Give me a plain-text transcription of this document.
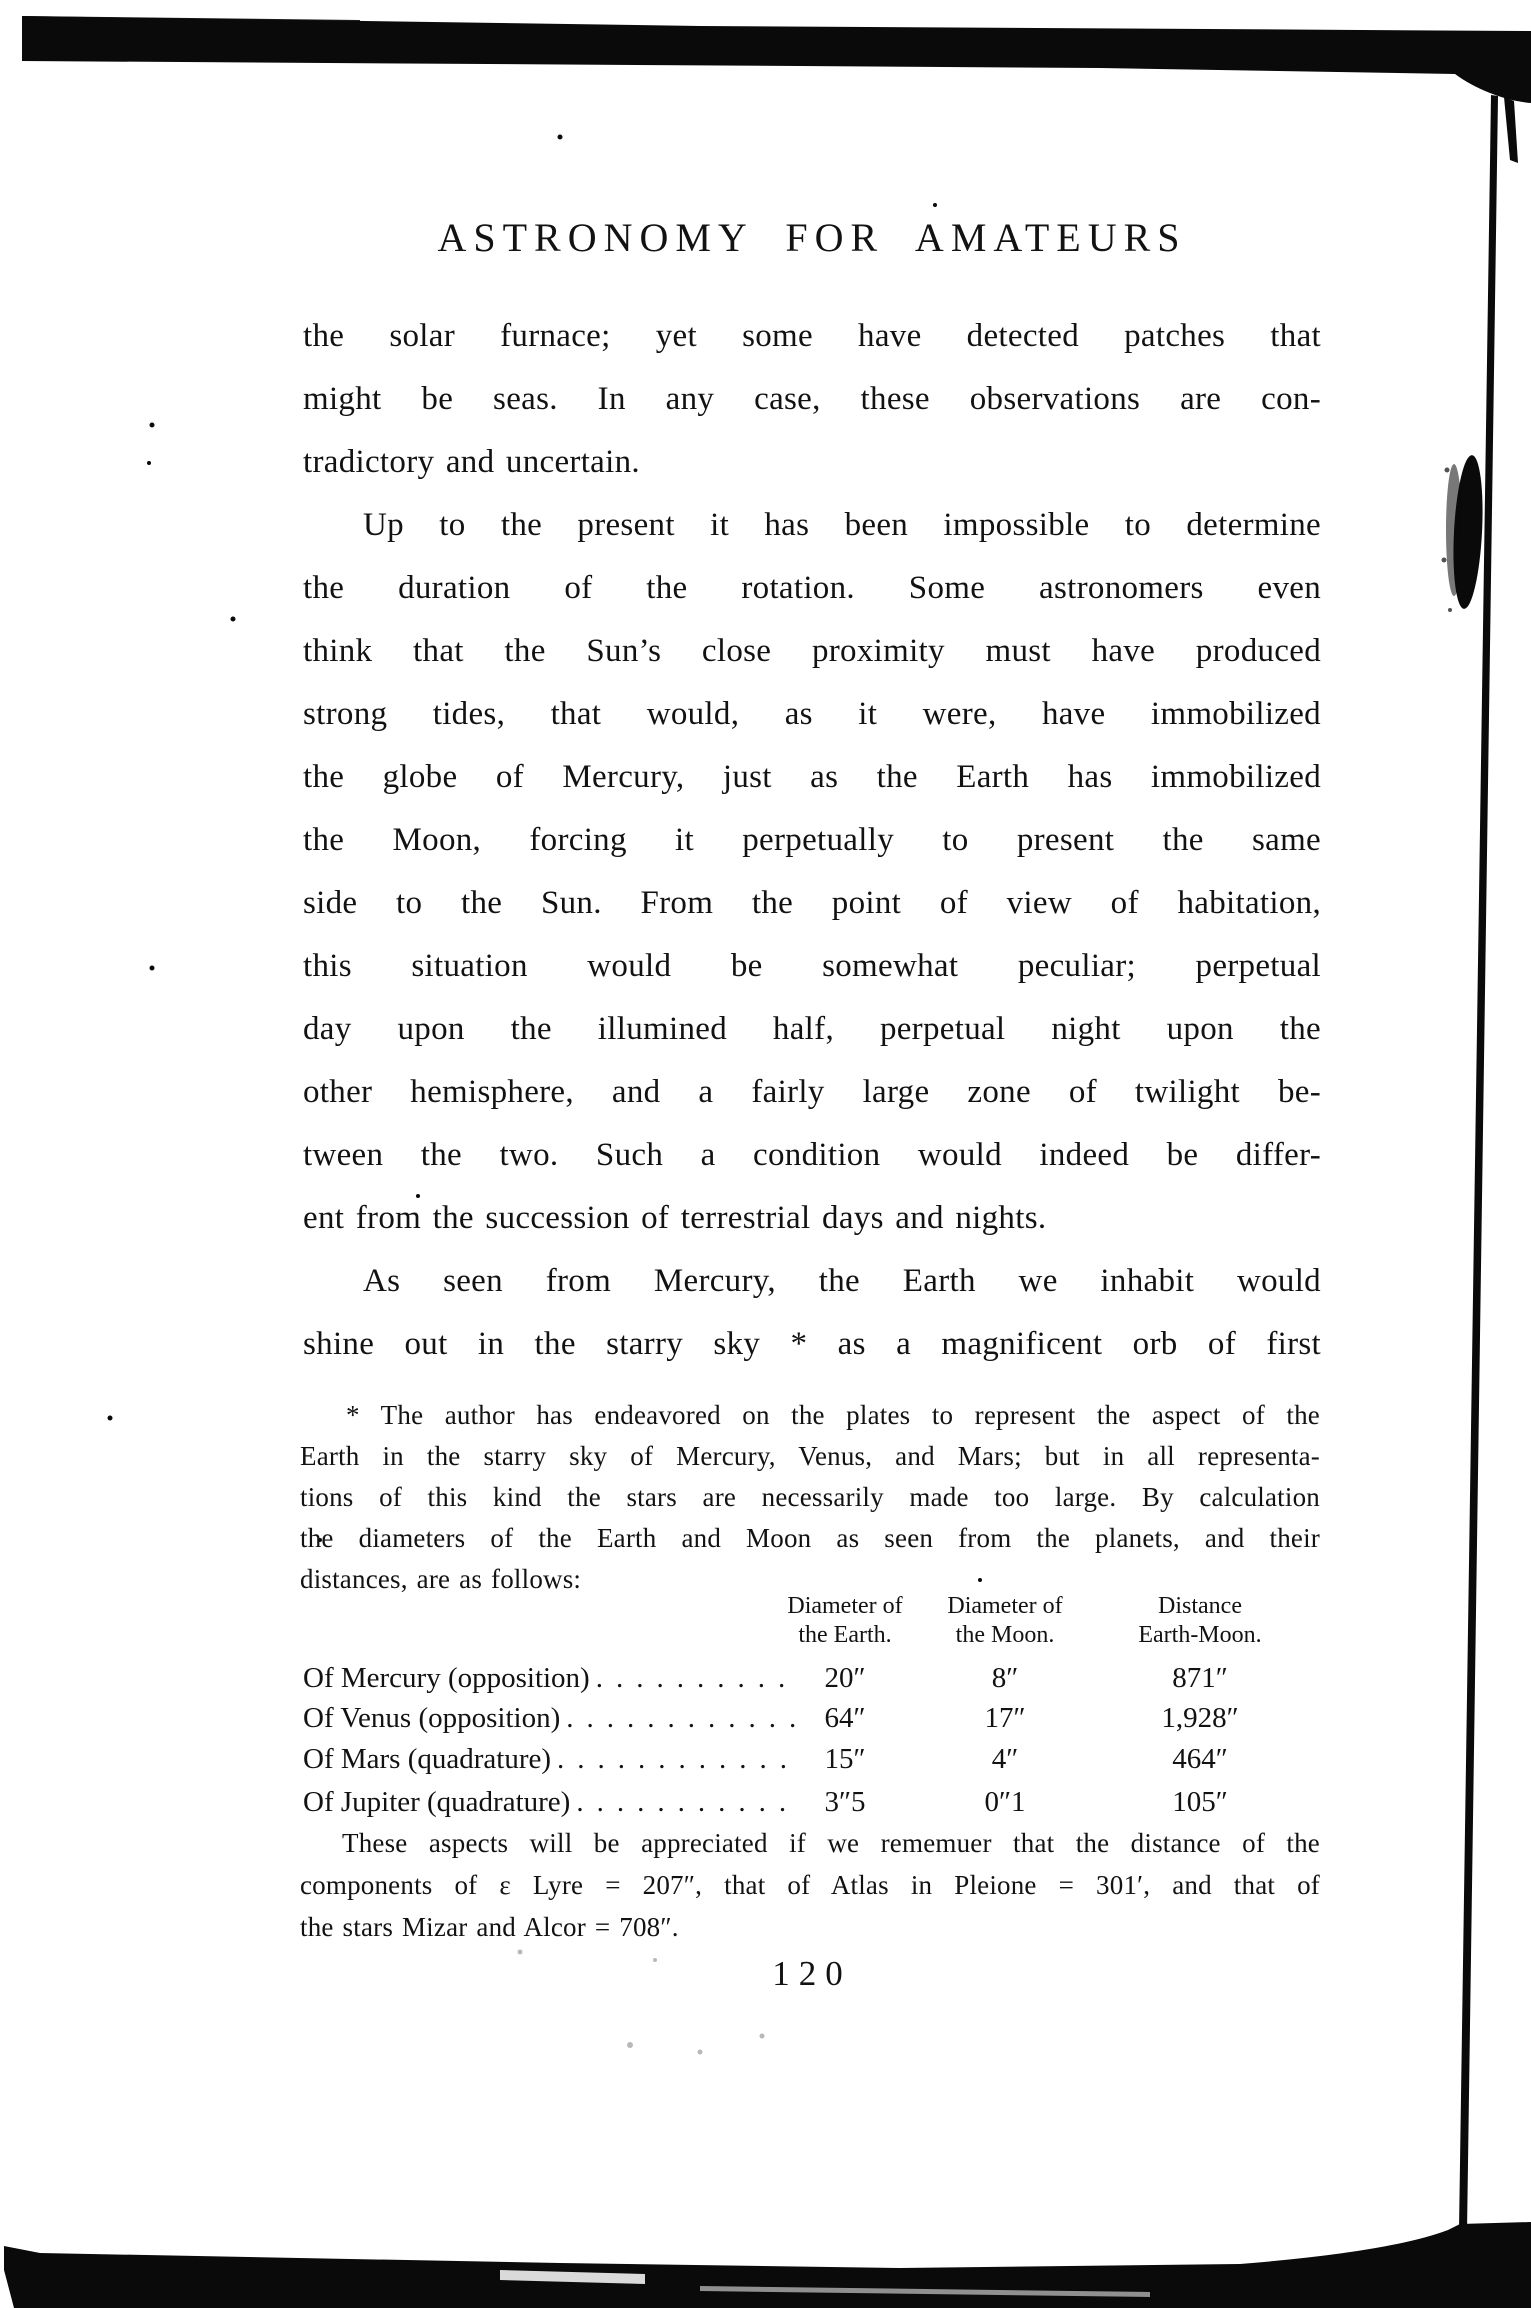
ASTRONOMY FOR AMATEURS
the solar furnace; yet some have detected patches that
might be seas. In any case, these observations are con-
tradictory and uncertain.
Up to the present it has been impossible to determine
the duration of the rotation. Some astronomers even
think that the Sun’s close proximity must have produced
strong tides, that would, as it were, have immobilized
the globe of Mercury, just as the Earth has immobilized
the Moon, forcing it perpetually to present the same
side to the Sun. From the point of view of habitation,
this situation would be somewhat peculiar; perpetual
day upon the illumined half, perpetual night upon the
other hemisphere, and a fairly large zone of twilight be-
tween the two. Such a condition would indeed be differ-
ent from the succession of terrestrial days and nights.
As seen from Mercury, the Earth we inhabit would
shine out in the starry sky * as a magnificent orb of first
* The author has endeavored on the plates to represent the aspect of the
Earth in the starry sky of Mercury, Venus, and Mars; but in all representa-
tions of this kind the stars are necessarily made too large. By calculation
the diameters of the Earth and Moon as seen from the planets, and their
distances, are as follows:
Diameter of
the Earth.
Diameter of
the Moon.
Distance
Earth-Moon.
Of Mercury (opposition) .......... 20″	8″	871″
Of Venus (opposition) ............ 64″	17″	1,928″
Of Mars (quadrature) ............ 15″	4″	464″
Of Jupiter (quadrature) ........... 3″5	0″1	105″
These aspects will be appreciated if we rememuer that the distance of the
components of ε Lyre = 207″, that of Atlas in Pleione = 301′, and that of
the stars Mizar and Alcor = 708″.
120
